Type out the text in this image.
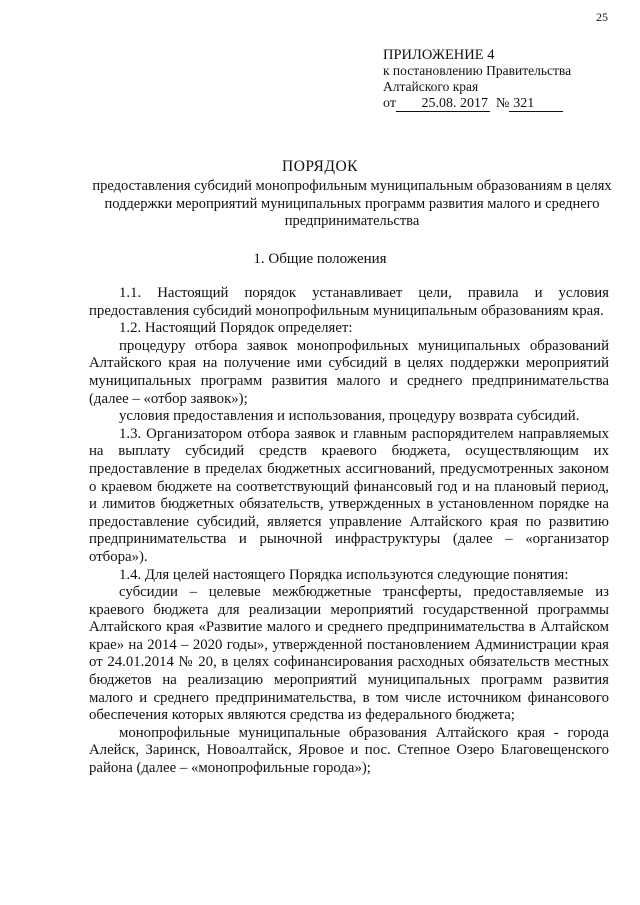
25
ПРИЛОЖЕНИЕ 4
к постановлению Правительства
Алтайского края
от	25.08. 2017 № 321
ПОРЯДОК
предоставления субсидий монопрофильным муниципальным образованиям в целях поддержки мероприятий муниципальных программ развития малого и среднего предпринимательства
1. Общие положения

1.1. Настоящий порядок устанавливает цели, правила и условия предоставления субсидий монопрофильным муниципальным образованиям края.

1.2. Настоящий Порядок определяет:

процедуру отбора заявок монопрофильных муниципальных образований Алтайского края на получение ими субсидий в целях поддержки мероприятий муниципальных программ развития малого и среднего предпринимательства (далее – «отбор заявок»);

условия предоставления и использования, процедуру возврата субсидий.

1.3. Организатором отбора заявок и главным распорядителем направляемых на выплату субсидий средств краевого бюджета, осуществляющим их предоставление в пределах бюджетных ассигнований, предусмотренных законом о краевом бюджете на соответствующий финансовый год и на плановый период, и лимитов бюджетных обязательств, утвержденных в установленном порядке на предоставление субсидий, является управление Алтайского края по развитию предпринимательства и рыночной инфраструктуры (далее – «организатор отбора»).

1.4. Для целей настоящего Порядка используются следующие понятия:

субсидии – целевые межбюджетные трансферты, предоставляемые из краевого бюджета для реализации мероприятий государственной программы Алтайского края «Развитие малого и среднего предпринимательства в Алтайском крае» на 2014 – 2020 годы», утвержденной постановлением Администрации края от 24.01.2014 № 20, в целях софинансирования расходных обязательств местных бюджетов на реализацию мероприятий муниципальных программ развития малого и среднего предпринимательства, в том числе источником финансового обеспечения которых являются средства из федерального бюджета;

монопрофильные муниципальные образования Алтайского края - города Алейск, Заринск, Новоалтайск, Яровое и пос. Степное Озеро Благовещенского района (далее – «монопрофильные города»);
